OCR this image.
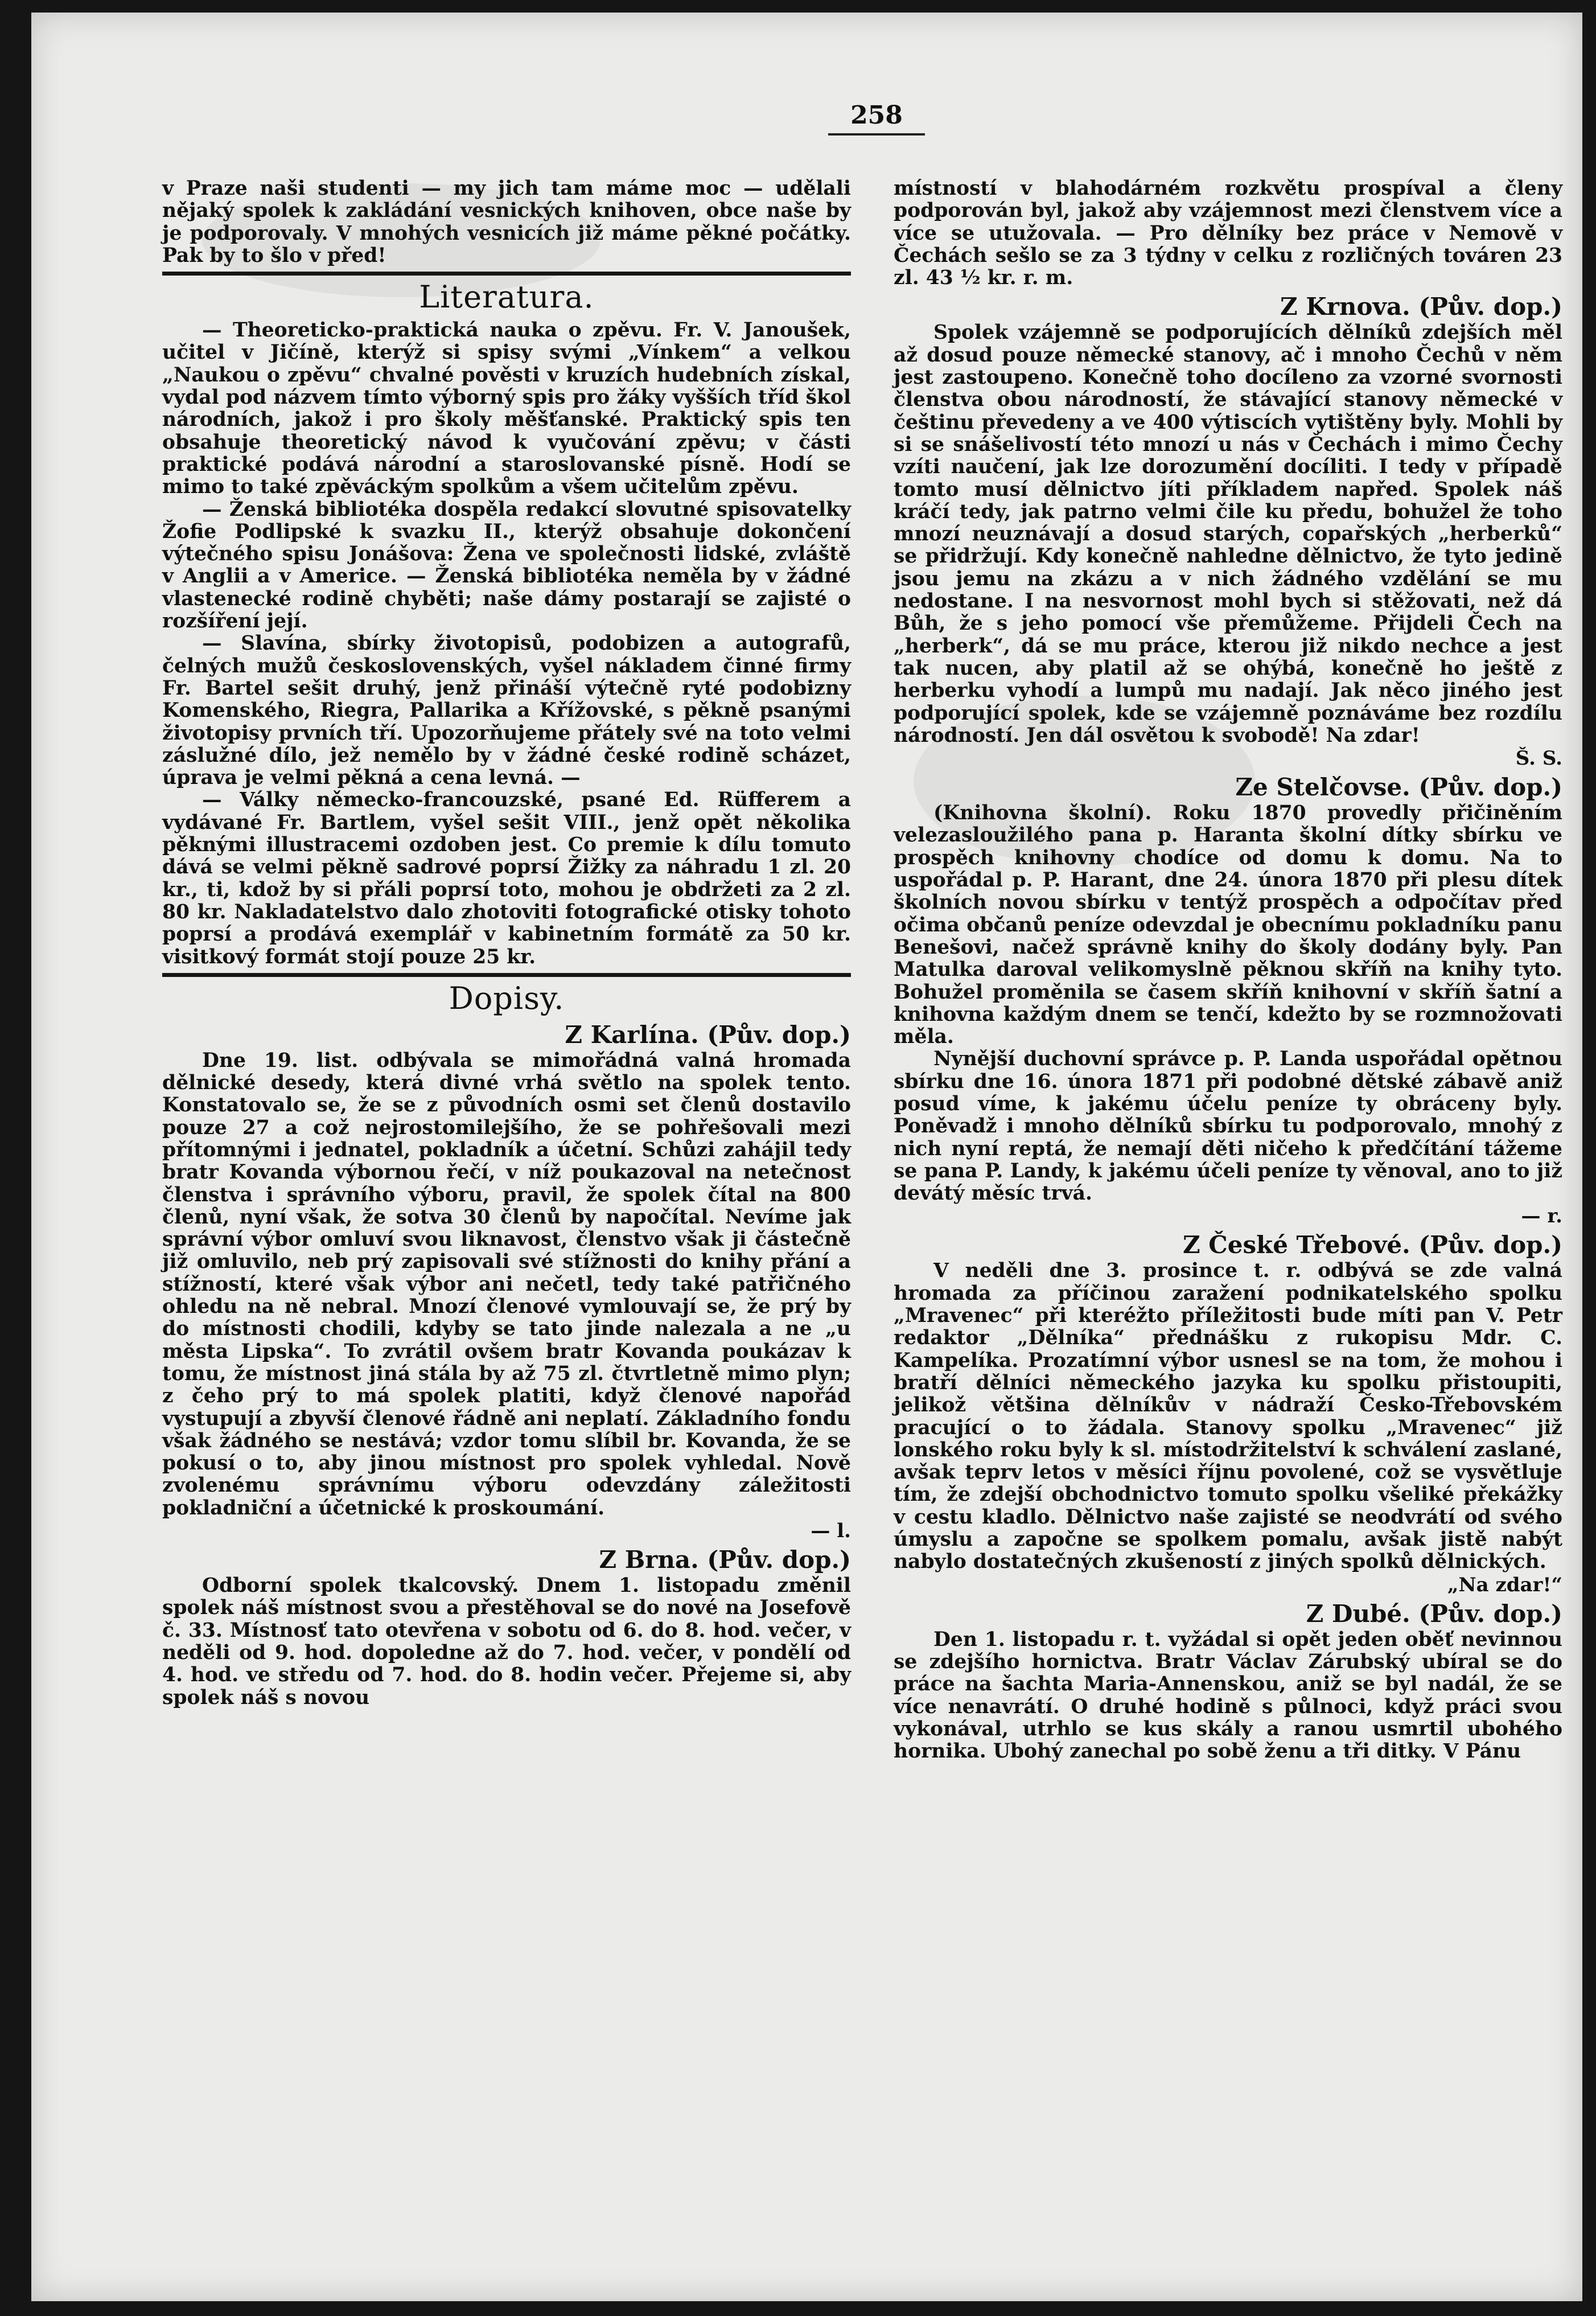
258

v Praze naši studenti — my jich tam máme moc — udělali nějaký spolek k zakládání vesnických knihoven, obce naše by je podporovaly. V mnohých vesnicích již máme pěkné počátky. Pak by to šlo v před!

Literatura.

— Theoreticko-praktická nauka o zpěvu. Fr. V. Janoušek, učitel v Jičíně, kterýž si spisy svými „Vínkem“ a velkou „Naukou o zpěvu“ chvalné pověsti v kruzích hudebních získal, vydal pod názvem tímto výborný spis pro žáky vyšších tříd škol národních, jakož i pro školy měšťanské. Praktický spis ten obsahuje theoretický návod k vyučování zpěvu; v části praktické podává národní a staroslovanské písně. Hodí se mimo to také zpěváckým spolkům a všem učitelům zpěvu.

— Ženská bibliotéka dospěla redakcí slovutné spisovatelky Žofie Podlipské k svazku II., kterýž obsahuje dokončení výtečného spisu Jonášova: Žena ve společnosti lidské, zvláště v Anglii a v Americe. — Ženská bibliotéka neměla by v žádné vlastenecké rodině chyběti; naše dámy postarají se zajisté o rozšíření její.

— Slavína, sbírky životopisů, podobizen a autografů, čelných mužů československých, vyšel nákladem činné firmy Fr. Bartel sešit druhý, jenž přináší výtečně ryté podobizny Komenského, Riegra, Pallarika a Křížovské, s pěkně psanými životopisy prvních tří. Upozorňujeme přátely své na toto velmi záslužné dílo, jež nemělo by v žádné české rodině scházet, úprava je velmi pěkná a cena levná. —

— Války německo-francouzské, psané Ed. Rüfferem a vydávané Fr. Bartlem, vyšel sešit VIII., jenž opět několika pěknými illustracemi ozdoben jest. Co premie k dílu tomuto dává se velmi pěkně sadrové poprsí Žižky za náhradu 1 zl. 20 kr., ti, kdož by si přáli poprsí toto, mohou je obdržeti za 2 zl. 80 kr. Nakladatelstvo dalo zhotoviti fotografické otisky tohoto poprsí a prodává exemplář v kabinetním formátě za 50 kr. visitkový formát stojí pouze 25 kr.

Dopisy.
Z Karlína. (Pův. dop.)

Dne 19. list. odbývala se mimořádná valná hromada dělnické desedy, která divné vrhá světlo na spolek tento. Konstatovalo se, že se z původních osmi set členů dostavilo pouze 27 a což nejrostomilejšího, že se pohřešovali mezi přítomnými i jednatel, pokladník a účetní. Schůzi zahájil tedy bratr Kovanda výbornou řečí, v níž poukazoval na netečnost členstva i správního výboru, pravil, že spolek čítal na 800 členů, nyní však, že sotva 30 členů by napočítal. Nevíme jak správní výbor omluví svou liknavost, členstvo však ji částečně již omluvilo, neb prý zapisovali své stížnosti do knihy přání a stížností, které však výbor ani nečetl, tedy také patřičného ohledu na ně nebral. Mnozí členové vymlouvají se, že prý by do místnosti chodili, kdyby se tato jinde nalezala a ne „u města Lipska“. To zvrátil ovšem bratr Kovanda poukázav k tomu, že místnost jiná stála by až 75 zl. čtvrtletně mimo plyn; z čeho prý to má spolek platiti, když členové napořád vystupují a zbyvší členové řádně ani neplatí. Základního fondu však žádného se nestává; vzdor tomu slíbil br. Kovanda, že se pokusí o to, aby jinou místnost pro spolek vyhledal. Nově zvolenému správnímu výboru odevzdány záležitosti pokladniční a účetnické k proskoumání.

— l.
Z Brna. (Pův. dop.)

Odborní spolek tkalcovský. Dnem 1. listopadu změnil spolek náš místnost svou a přestěhoval se do nové na Josefově č. 33. Místnosť tato otevřena v sobotu od 6. do 8. hod. večer, v neděli od 9. hod. dopoledne až do 7. hod. večer, v pondělí od 4. hod. ve středu od 7. hod. do 8. hodin večer. Přejeme si, aby spolek náš s novou

místností v blahodárném rozkvětu prospíval a členy podporován byl, jakož aby vzájemnost mezi členstvem více a více se utužovala. — Pro dělníky bez práce v Nemově v Čechách sešlo se za 3 týdny v celku z rozličných továren 23 zl. 43 ½ kr. r. m.

Z Krnova. (Pův. dop.)

Spolek vzájemně se podporujících dělníků zdejších měl až dosud pouze německé stanovy, ač i mnoho Čechů v něm jest zastoupeno. Konečně toho docíleno za vzorné svornosti členstva obou národností, že stávající stanovy německé v češtinu převedeny a ve 400 výtiscích vytištěny byly. Mohli by si se snášelivostí této mnozí u nás v Čechách i mimo Čechy vzíti naučení, jak lze dorozumění docíliti. I tedy v případě tomto musí dělnictvo jíti příkladem napřed. Spolek náš kráčí tedy, jak patrno velmi čile ku předu, bohužel že toho mnozí neuznávají a dosud starých, copařských „herberků“ se přidržují. Kdy konečně nahledne dělnictvo, že tyto jedině jsou jemu na zkázu a v nich žádného vzdělání se mu nedostane. I na nesvornost mohl bych si stěžovati, než dá Bůh, že s jeho pomocí vše přemůžeme. Přijdeli Čech na „herberk“, dá se mu práce, kterou již nikdo nechce a jest tak nucen, aby platil až se ohýbá, konečně ho ještě z herberku vyhodí a lumpů mu nadají. Jak něco jiného jest podporující spolek, kde se vzájemně poznáváme bez rozdílu národností. Jen dál osvětou k svobodě! Na zdar!

Š. S.
Ze Stelčovse. (Pův. dop.)

(Knihovna školní). Roku 1870 provedly přičiněním velezasloužilého pana p. Haranta školní dítky sbírku ve prospěch knihovny chodíce od domu k domu. Na to uspořádal p. P. Harant, dne 24. února 1870 při plesu dítek školních novou sbírku v tentýž prospěch a odpočítav před očima občanů peníze odevzdal je obecnímu pokladníku panu Benešovi, načež správně knihy do školy dodány byly. Pan Matulka daroval velikomyslně pěknou skříň na knihy tyto. Bohužel proměnila se časem skříň knihovní v skříň šatní a knihovna každým dnem se tenčí, kdežto by se rozmnožovati měla.

Nynější duchovní správce p. P. Landa uspořádal opětnou sbírku dne 16. února 1871 při podobné dětské zábavě aniž posud víme, k jakému účelu peníze ty obráceny byly. Poněvadž i mnoho dělníků sbírku tu podporovalo, mnohý z nich nyní reptá, že nemají děti ničeho k předčítání tážeme se pana P. Landy, k jakému účeli peníze ty věnoval, ano to již devátý měsíc trvá.

— r.
Z České Třebové. (Pův. dop.)

V neděli dne 3. prosince t. r. odbývá se zde valná hromada za příčinou zaražení podnikatelského spolku „Mravenec“ při kteréžto příležitosti bude míti pan V. Petr redaktor „Dělníka“ přednášku z rukopisu Mdr. C. Kampelíka. Prozatímní výbor usnesl se na tom, že mohou i bratří dělníci německého jazyka ku spolku přistoupiti, jelikož většina dělníkův v nádraží Česko-Třebovském pracující o to žádala. Stanovy spolku „Mravenec“ již lonského roku byly k sl. místodržitelství k schválení zaslané, avšak teprv letos v měsíci říjnu povolené, což se vysvětluje tím, že zdejší obchodnictvo tomuto spolku všeliké překážky v cestu kladlo. Dělnictvo naše zajisté se neodvrátí od svého úmyslu a započne se spolkem pomalu, avšak jistě nabýt nabylo dostatečných zkušeností z jiných spolků dělnických.

„Na zdar!“
Z Dubé. (Pův. dop.)

Den 1. listopadu r. t. vyžádal si opět jeden oběť nevinnou se zdejšího hornictva. Bratr Václav Zárubský ubíral se do práce na šachta Maria-Annenskou, aniž se byl nadál, že se více nenavrátí. O druhé hodině s půlnoci, když práci svou vykonával, utrhlo se kus skály a ranou usmrtil ubohého hornika. Ubohý zanechal po sobě ženu a tři ditky. V Pánu
